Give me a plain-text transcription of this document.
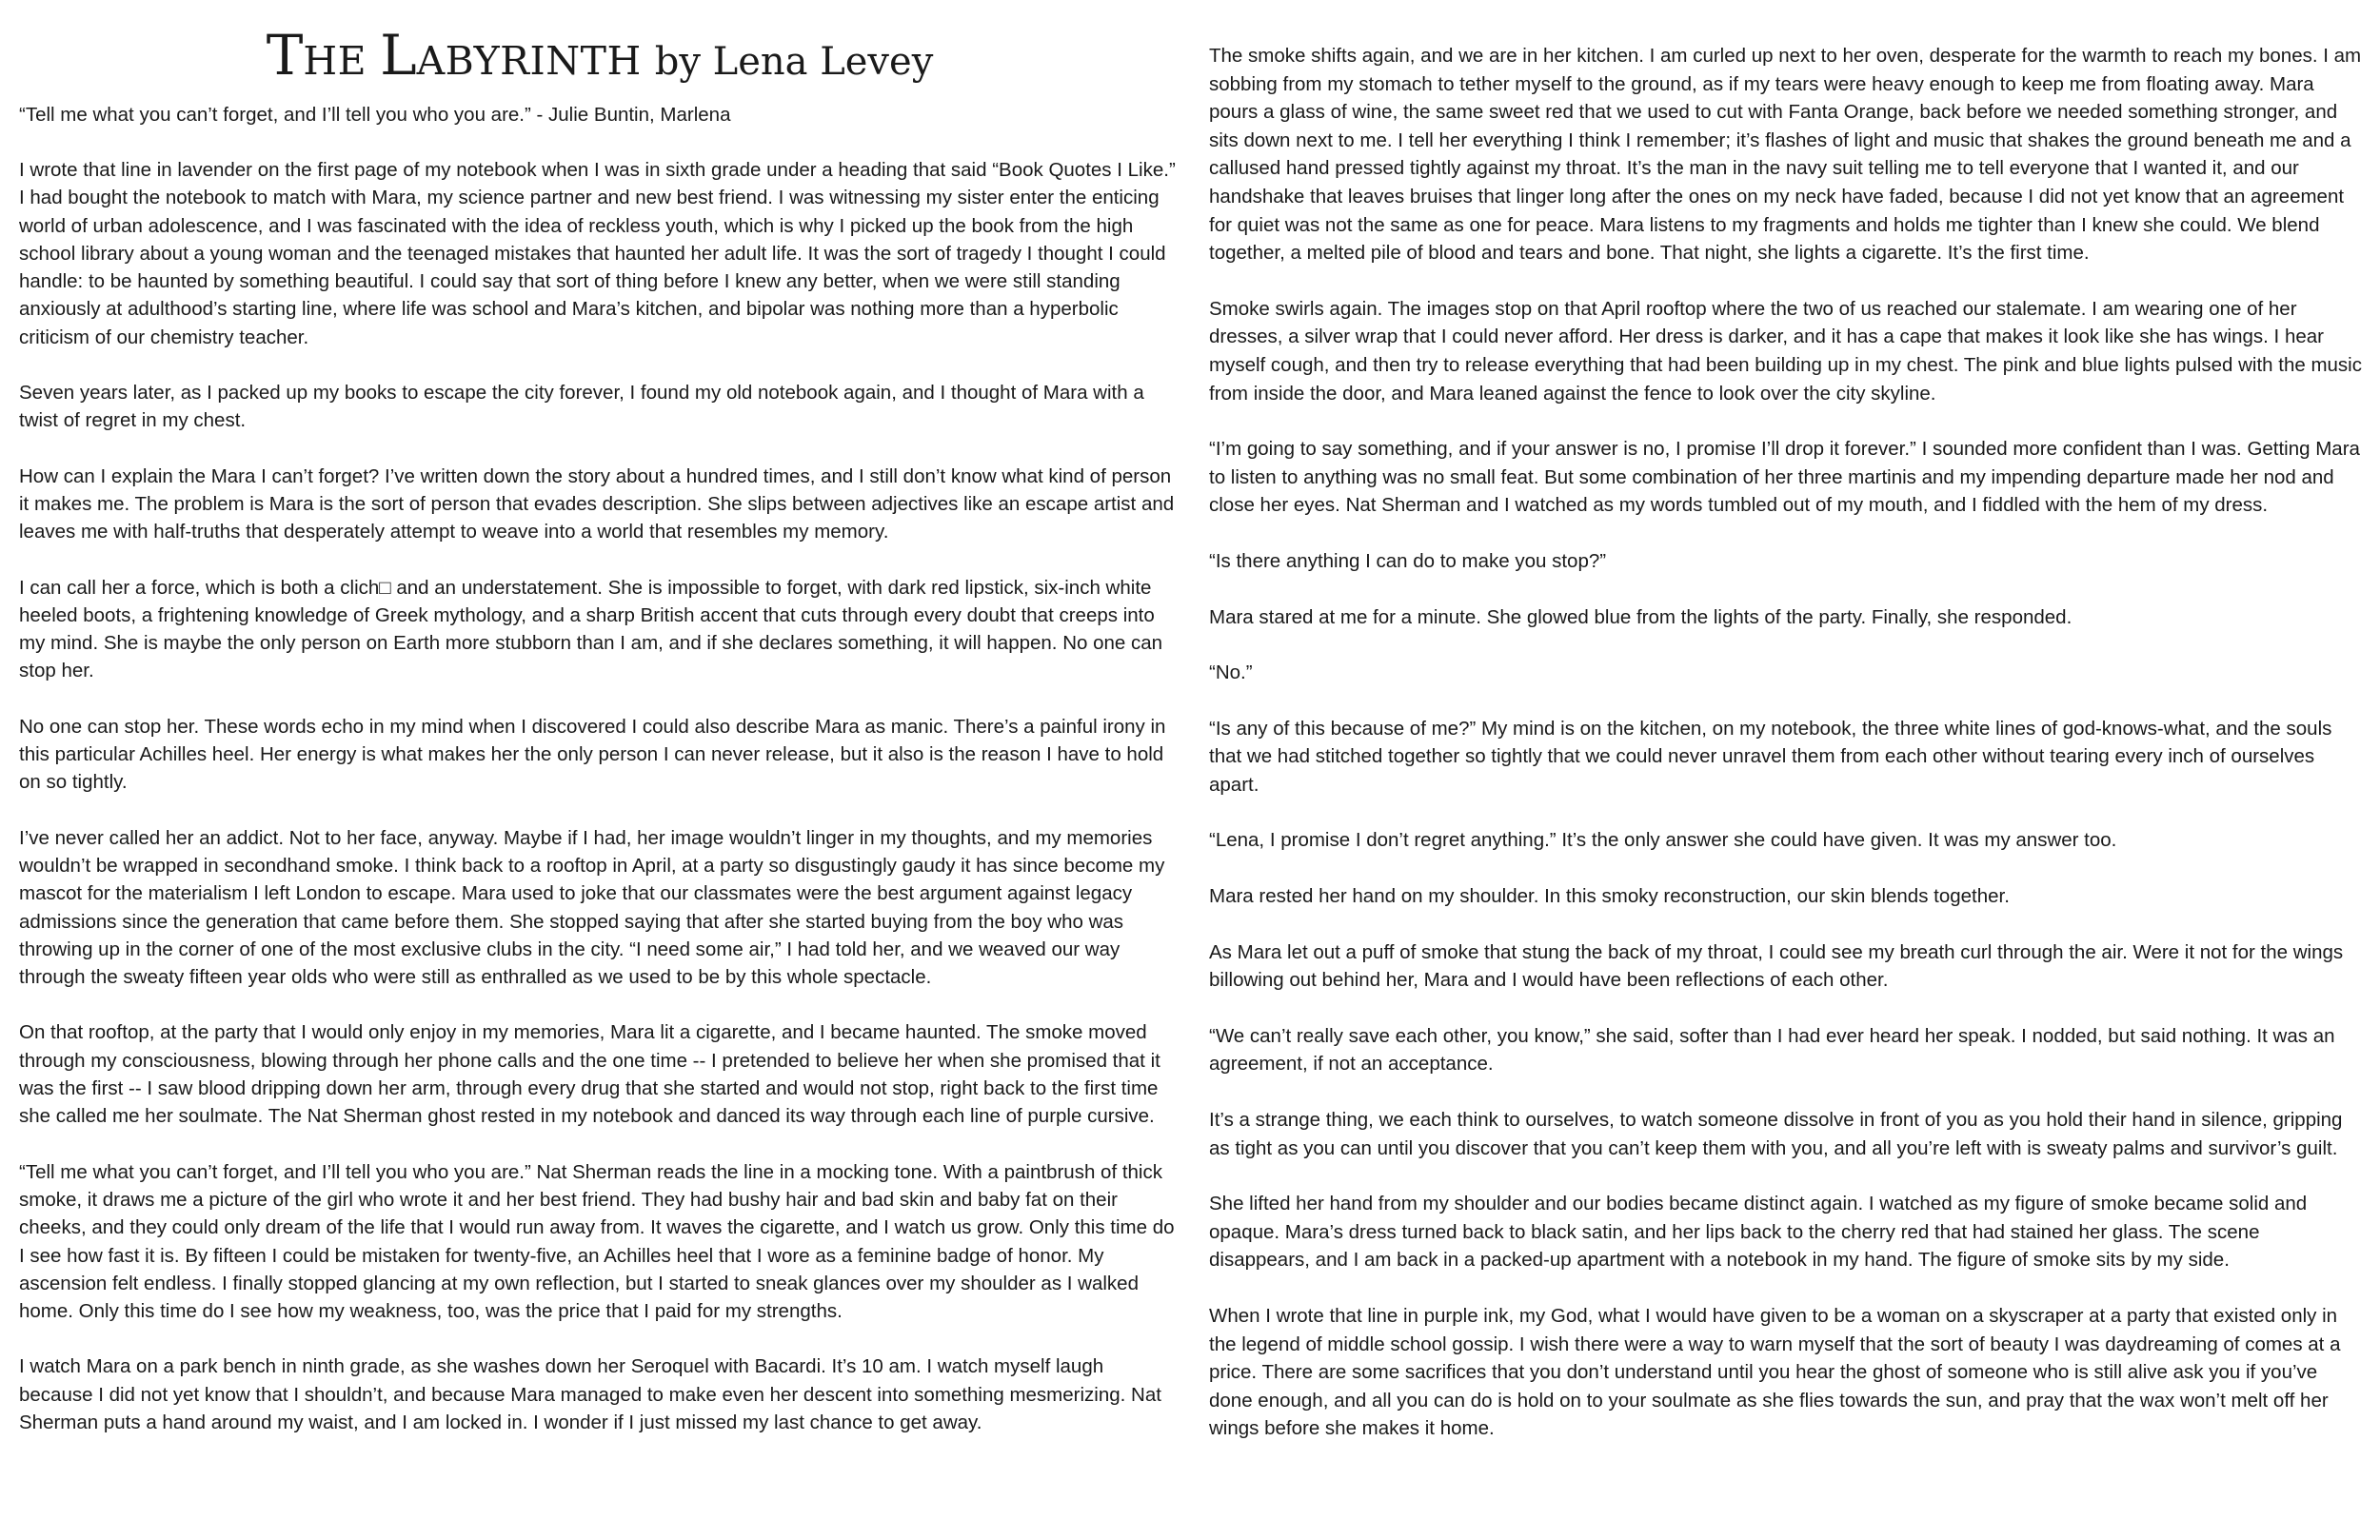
THE LABYRINTH by Lena Levey
“Tell me what you can’t forget, and I’ll tell you who you are.” - Julie Buntin, Marlena

I wrote that line in lavender on the first page of my notebook when I was in sixth grade under a heading that said “Book Quotes I Like.” I had bought the notebook to match with Mara, my science partner and new best friend. I was witnessing my sister enter the enticing world of urban adolescence, and I was fascinated with the idea of reckless youth, which is why I picked up the book from the high school library about a young woman and the teenaged mistakes that haunted her adult life. It was the sort of tragedy I thought I could handle: to be haunted by something beautiful. I could say that sort of thing before I knew any better, when we were still standing anxiously at adulthood’s starting line, where life was school and Mara’s kitchen, and bipolar was nothing more than a hyperbolic criticism of our chemistry teacher.

Seven years later, as I packed up my books to escape the city forever, I found my old notebook again, and I thought of Mara with a twist of regret in my chest.

How can I explain the Mara I can’t forget? I’ve written down the story about a hundred times, and I still don’t know what kind of person it makes me. The problem is Mara is the sort of person that evades description. She slips between adjectives like an escape artist and leaves me with half-truths that desperately attempt to weave into a world that resembles my memory.

I can call her a force, which is both a clich□ and an understatement. She is impossible to forget, with dark red lipstick, six-inch white heeled boots, a frightening knowledge of Greek mythology, and a sharp British accent that cuts through every doubt that creeps into my mind. She is maybe the only person on Earth more stubborn than I am, and if she declares something, it will happen. No one can stop her.

No one can stop her. These words echo in my mind when I discovered I could also describe Mara as manic. There’s a painful irony in this particular Achilles heel. Her energy is what makes her the only person I can never release, but it also is the reason I have to hold on so tightly.

I’ve never called her an addict. Not to her face, anyway. Maybe if I had, her image wouldn’t linger in my thoughts, and my memories wouldn’t be wrapped in secondhand smoke. I think back to a rooftop in April, at a party so disgustingly gaudy it has since become my mascot for the materialism I left London to escape. Mara used to joke that our classmates were the best argument against legacy admissions since the generation that came before them. She stopped saying that after she started buying from the boy who was throwing up in the corner of one of the most exclusive clubs in the city. “I need some air,” I had told her, and we weaved our way through the sweaty fifteen year olds who were still as enthralled as we used to be by this whole spectacle.

On that rooftop, at the party that I would only enjoy in my memories, Mara lit a cigarette, and I became haunted. The smoke moved through my consciousness, blowing through her phone calls and the one time -- I pretended to believe her when she promised that it was the first -- I saw blood dripping down her arm, through every drug that she started and would not stop, right back to the first time she called me her soulmate. The Nat Sherman ghost rested in my notebook and danced its way through each line of purple cursive.

“Tell me what you can’t forget, and I’ll tell you who you are.” Nat Sherman reads the line in a mocking tone. With a paintbrush of thick smoke, it draws me a picture of the girl who wrote it and her best friend. They had bushy hair and bad skin and baby fat on their cheeks, and they could only dream of the life that I would run away from. It waves the cigarette, and I watch us grow. Only this time do I see how fast it is. By fifteen I could be mistaken for twenty-five, an Achilles heel that I wore as a feminine badge of honor. My ascension felt endless. I finally stopped glancing at my own reflection, but I started to sneak glances over my shoulder as I walked home. Only this time do I see how my weakness, too, was the price that I paid for my strengths.

I watch Mara on a park bench in ninth grade, as she washes down her Seroquel with Bacardi. It’s 10 am. I watch myself laugh because I did not yet know that I shouldn’t, and because Mara managed to make even her descent into something mesmerizing. Nat Sherman puts a hand around my waist, and I am locked in. I wonder if I just missed my last chance to get away.

The smoke shifts again, and we are in her kitchen. I am curled up next to her oven, desperate for the warmth to reach my bones. I am sobbing from my stomach to tether myself to the ground, as if my tears were heavy enough to keep me from floating away. Mara pours a glass of wine, the same sweet red that we used to cut with Fanta Orange, back before we needed something stronger, and sits down next to me. I tell her everything I think I remember; it’s flashes of light and music that shakes the ground beneath me and a callused hand pressed tightly against my throat. It’s the man in the navy suit telling me to tell everyone that I wanted it, and our handshake that leaves bruises that linger long after the ones on my neck have faded, because I did not yet know that an agreement for quiet was not the same as one for peace. Mara listens to my fragments and holds me tighter than I knew she could. We blend together, a melted pile of blood and tears and bone. That night, she lights a cigarette. It’s the first time.

Smoke swirls again. The images stop on that April rooftop where the two of us reached our stalemate. I am wearing one of her dresses, a silver wrap that I could never afford. Her dress is darker, and it has a cape that makes it look like she has wings. I hear myself cough, and then try to release everything that had been building up in my chest. The pink and blue lights pulsed with the music from inside the door, and Mara leaned against the fence to look over the city skyline.

“I’m going to say something, and if your answer is no, I promise I’ll drop it forever.” I sounded more confident than I was. Getting Mara to listen to anything was no small feat. But some combination of her three martinis and my impending departure made her nod and close her eyes. Nat Sherman and I watched as my words tumbled out of my mouth, and I fiddled with the hem of my dress.

“Is there anything I can do to make you stop?”

Mara stared at me for a minute. She glowed blue from the lights of the party. Finally, she responded.

“No.”

“Is any of this because of me?” My mind is on the kitchen, on my notebook, the three white lines of god-knows-what, and the souls that we had stitched together so tightly that we could never unravel them from each other without tearing every inch of ourselves apart.

“Lena, I promise I don’t regret anything.” It’s the only answer she could have given. It was my answer too.

Mara rested her hand on my shoulder. In this smoky reconstruction, our skin blends together.

As Mara let out a puff of smoke that stung the back of my throat, I could see my breath curl through the air. Were it not for the wings billowing out behind her, Mara and I would have been reflections of each other.

“We can’t really save each other, you know,” she said, softer than I had ever heard her speak. I nodded, but said nothing. It was an agreement, if not an acceptance.

It’s a strange thing, we each think to ourselves, to watch someone dissolve in front of you as you hold their hand in silence, gripping as tight as you can until you discover that you can’t keep them with you, and all you’re left with is sweaty palms and survivor’s guilt.

She lifted her hand from my shoulder and our bodies became distinct again. I watched as my figure of smoke became solid and opaque. Mara’s dress turned back to black satin, and her lips back to the cherry red that had stained her glass. The scene disappears, and I am back in a packed-up apartment with a notebook in my hand. The figure of smoke sits by my side.

When I wrote that line in purple ink, my God, what I would have given to be a woman on a skyscraper at a party that existed only in the legend of middle school gossip. I wish there were a way to warn myself that the sort of beauty I was daydreaming of comes at a price. There are some sacrifices that you don’t understand until you hear the ghost of someone who is still alive ask you if you’ve done enough, and all you can do is hold on to your soulmate as she flies towards the sun, and pray that the wax won’t melt off her wings before she makes it home.
